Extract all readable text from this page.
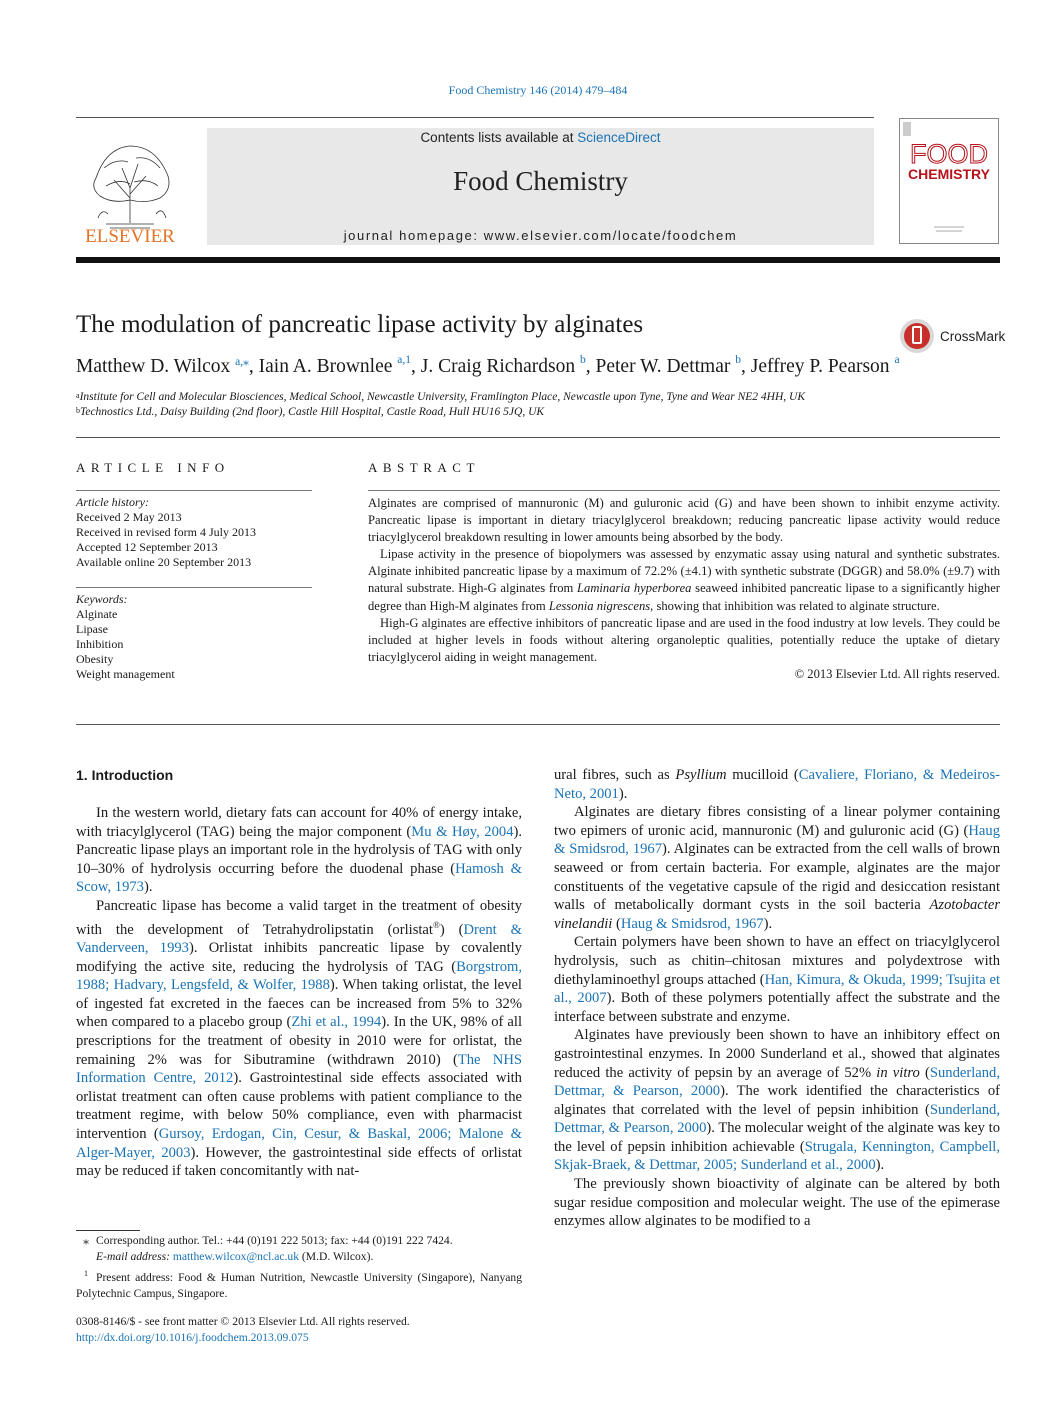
Food Chemistry 146 (2014) 479–484
ELSEVIER
Contents lists available at ScienceDirect
Food Chemistry
journal homepage: www.elsevier.com/locate/foodchem
FOOD
CHEMISTRY
The modulation of pancreatic lipase activity by alginates	CrossMark
Matthew D. Wilcox $^{a,⁎}$, Iain A. Brownlee $^{a,1}$, J. Craig Richardson $^b$, Peter W. Dettmar $^b$, Jeffrey P. Pearson $^a$
$^a$Institute for Cell and Molecular Biosciences, Medical School, Newcastle University, Framlington Place, Newcastle upon Tyne, Tyne and Wear NE2 4HH, UK
$^b$Technostics Ltd., Daisy Building (2nd floor), Castle Hill Hospital, Castle Road, Hull HU16 5JQ, UK
ARTICLE INFO
Article history:
Received 2 May 2013
Received in revised form 4 July 2013
Accepted 12 September 2013
Available online 20 September 2013
Keywords:
Alginate
Lipase
Inhibition
Obesity
Weight management
ABSTRACT

Alginates are comprised of mannuronic (M) and guluronic acid (G) and have been shown to inhibit enzyme activity. Pancreatic lipase is important in dietary triacylglycerol breakdown; reducing pancreatic lipase activity would reduce triacylglycerol breakdown resulting in lower amounts being absorbed by the body.

Lipase activity in the presence of biopolymers was assessed by enzymatic assay using natural and synthetic substrates. Alginate inhibited pancreatic lipase by a maximum of 72.2% (±4.1) with synthetic substrate (DGGR) and 58.0% (±9.7) with natural substrate. High-G alginates from Laminaria hyperborea seaweed inhibited pancreatic lipase to a significantly higher degree than High-M alginates from Lessonia nigrescens, showing that inhibition was related to alginate structure.

High-G alginates are effective inhibitors of pancreatic lipase and are used in the food industry at low levels. They could be included at higher levels in foods without altering organoleptic qualities, potentially reduce the uptake of dietary triacylglycerol aiding in weight management.

© 2013 Elsevier Ltd. All rights reserved.
1. Introduction

In the western world, dietary fats can account for 40% of energy intake, with triacylglycerol (TAG) being the major component (Mu & Høy, 2004). Pancreatic lipase plays an important role in the hydrolysis of TAG with only 10–30% of hydrolysis occurring before the duodenal phase (Hamosh & Scow, 1973).

Pancreatic lipase has become a valid target in the treatment of obesity with the development of Tetrahydrolipstatin (orlistat®) (Drent & Vanderveen, 1993). Orlistat inhibits pancreatic lipase by covalently modifying the active site, reducing the hydrolysis of TAG (Borgstrom, 1988; Hadvary, Lengsfeld, & Wolfer, 1988). When taking orlistat, the level of ingested fat excreted in the faeces can be increased from 5% to 32% when compared to a placebo group (Zhi et al., 1994). In the UK, 98% of all prescriptions for the treatment of obesity in 2010 were for orlistat, the remaining 2% was for Sibutramine (withdrawn 2010) (The NHS Information Centre, 2012). Gastrointestinal side effects associated with orlistat treatment can often cause problems with patient compliance to the treatment regime, with below 50% compliance, even with pharmacist intervention (Gursoy, Erdogan, Cin, Cesur, & Baskal, 2006; Malone & Alger-Mayer, 2003). However, the gastrointestinal side effects of orlistat may be reduced if taken concomitantly with nat-

⁎ Corresponding author. Tel.: +44 (0)191 222 5013; fax: +44 (0)191 222 7424.
E-mail address: matthew.wilcox@ncl.ac.uk (M.D. Wilcox).
$^1$ Present address: Food & Human Nutrition, Newcastle University (Singapore), Nanyang Polytechnic Campus, Singapore.
0308-8146/$ - see front matter © 2013 Elsevier Ltd. All rights reserved.
http://dx.doi.org/10.1016/j.foodchem.2013.09.075

ural fibres, such as Psyllium mucilloid (Cavaliere, Floriano, & Medeiros-Neto, 2001).

Alginates are dietary fibres consisting of a linear polymer containing two epimers of uronic acid, mannuronic (M) and guluronic acid (G) (Haug & Smidsrod, 1967). Alginates can be extracted from the cell walls of brown seaweed or from certain bacteria. For example, alginates are the major constituents of the vegetative capsule of the rigid and desiccation resistant walls of metabolically dormant cysts in the soil bacteria Azotobacter vinelandii (Haug & Smidsrod, 1967).

Certain polymers have been shown to have an effect on triacylglycerol hydrolysis, such as chitin–chitosan mixtures and polydextrose with diethylaminoethyl groups attached (Han, Kimura, & Okuda, 1999; Tsujita et al., 2007). Both of these polymers potentially affect the substrate and the interface between substrate and enzyme.

Alginates have previously been shown to have an inhibitory effect on gastrointestinal enzymes. In 2000 Sunderland et al., showed that alginates reduced the activity of pepsin by an average of 52% in vitro (Sunderland, Dettmar, & Pearson, 2000). The work identified the characteristics of alginates that correlated with the level of pepsin inhibition (Sunderland, Dettmar, & Pearson, 2000). The molecular weight of the alginate was key to the level of pepsin inhibition achievable (Strugala, Kennington, Campbell, Skjak-Braek, & Dettmar, 2005; Sunderland et al., 2000).

The previously shown bioactivity of alginate can be altered by both sugar residue composition and molecular weight. The use of the epimerase enzymes allow alginates to be modified to a
